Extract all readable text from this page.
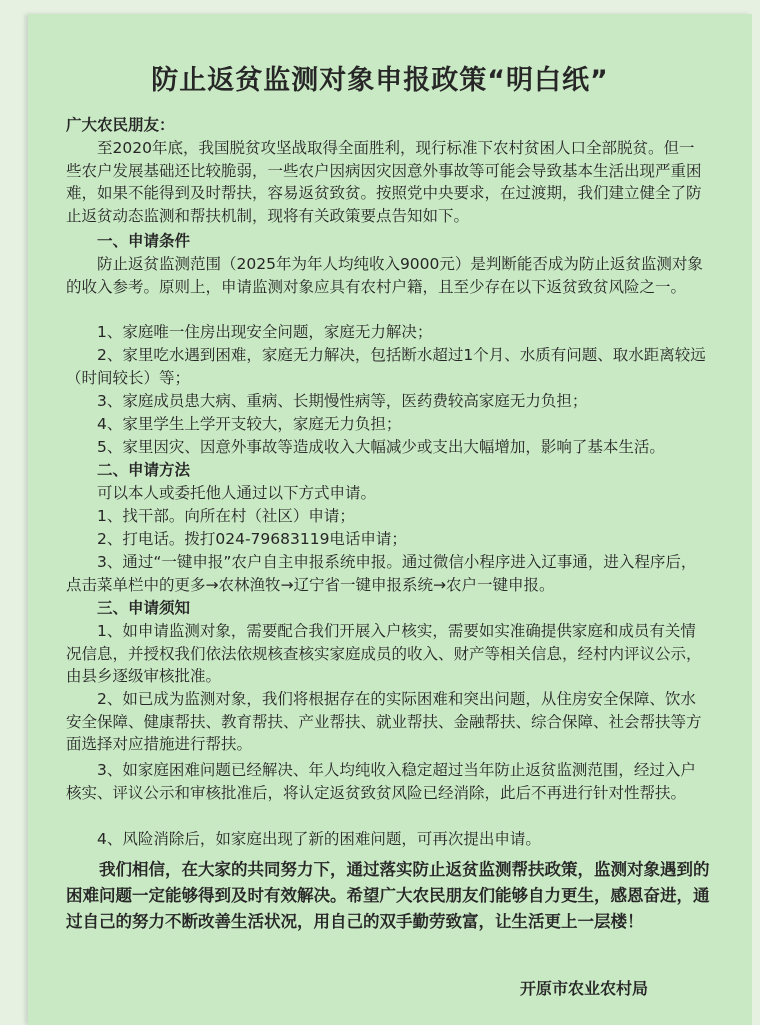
防止返贫监测对象申报政策“明白纸”
广大农民朋友：
至2020年底，我国脱贫攻坚战取得全面胜利，现行标准下农村贫困人口全部脱贫。但一些农户发展基础还比较脆弱，一些农户因病因灾因意外事故等可能会导致基本生活出现严重困难，如果不能得到及时帮扶，容易返贫致贫。按照党中央要求，在过渡期，我们建立健全了防止返贫动态监测和帮扶机制，现将有关政策要点告知如下。
一、申请条件
防止返贫监测范围（2025年为年人均纯收入9000元）是判断能否成为防止返贫监测对象的收入参考。原则上，申请监测对象应具有农村户籍，且至少存在以下返贫致贫风险之一。
1、家庭唯一住房出现安全问题，家庭无力解决；
2、家里吃水遇到困难，家庭无力解决，包括断水超过1个月、水质有问题、取水距离较远（时间较长）等；
3、家庭成员患大病、重病、长期慢性病等，医药费较高家庭无力负担；
4、家里学生上学开支较大，家庭无力负担；
5、家里因灾、因意外事故等造成收入大幅减少或支出大幅增加，影响了基本生活。
二、申请方法
可以本人或委托他人通过以下方式申请。
1、找干部。向所在村（社区）申请；
2、打电话。拨打024-79683119电话申请；
3、通过“一键申报”农户自主申报系统申报。通过微信小程序进入辽事通，进入程序后，点击菜单栏中的更多→农林渔牧→辽宁省一键申报系统→农户一键申报。
三、申请须知
1、如申请监测对象，需要配合我们开展入户核实，需要如实准确提供家庭和成员有关情况信息，并授权我们依法依规核查核实家庭成员的收入、财产等相关信息，经村内评议公示，由县乡逐级审核批准。
2、如已成为监测对象，我们将根据存在的实际困难和突出问题，从住房安全保障、饮水安全保障、健康帮扶、教育帮扶、产业帮扶、就业帮扶、金融帮扶、综合保障、社会帮扶等方面选择对应措施进行帮扶。
3、如家庭困难问题已经解决、年人均纯收入稳定超过当年防止返贫监测范围，经过入户核实、评议公示和审核批准后，将认定返贫致贫风险已经消除，此后不再进行针对性帮扶。
4、风险消除后，如家庭出现了新的困难问题，可再次提出申请。
我们相信，在大家的共同努力下，通过落实防止返贫监测帮扶政策，监测对象遇到的困难问题一定能够得到及时有效解决。希望广大农民朋友们能够自力更生，感恩奋进，通过自己的努力不断改善生活状况，用自己的双手勤劳致富，让生活更上一层楼！
开原市农业农村局
